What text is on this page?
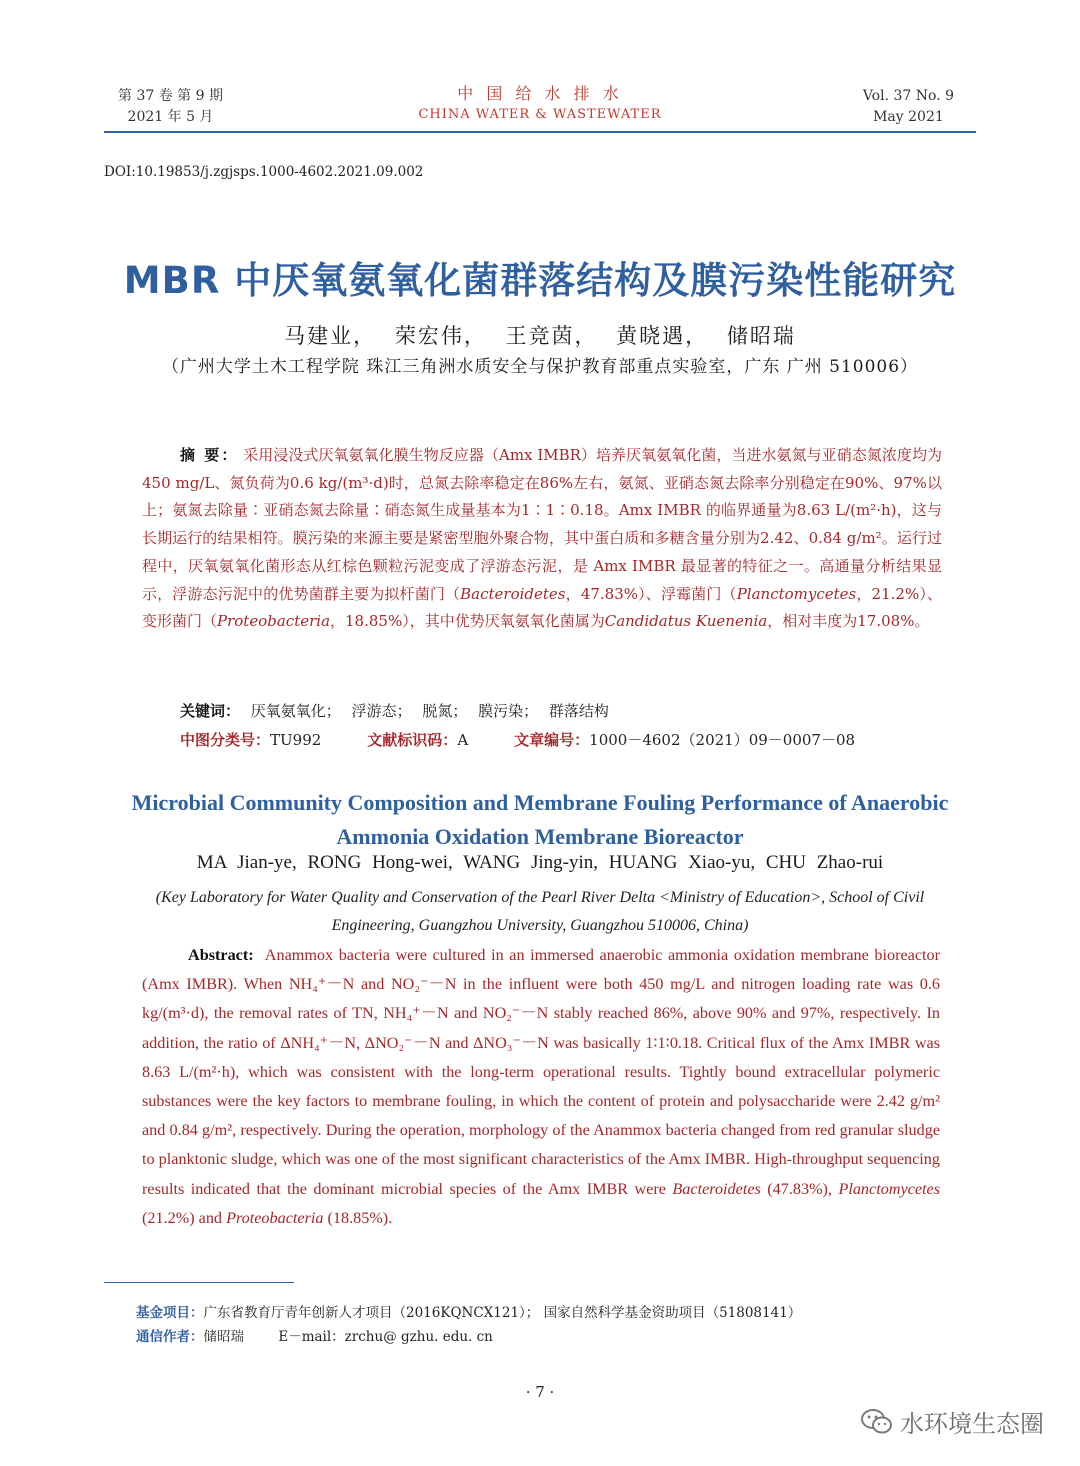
第 37 卷 第 9 期
2021 年 5 月
中 国 给 水 排 水
CHINA WATER & WASTEWATER
Vol. 37 No. 9
May 2021
DOI:10.19853/j.zgjsps.1000-4602.2021.09.002
MBR 中厌氧氨氧化菌群落结构及膜污染性能研究
马建业， 荣宏伟， 王竞茵， 黄晓遇， 储昭瑞
（广州大学土木工程学院 珠江三角洲水质安全与保护教育部重点实验室，广东 广州 510006）
摘 要： 采用浸没式厌氧氨氧化膜生物反应器（Amx IMBR）培养厌氧氨氧化菌，当进水氨氮与亚硝态氮浓度均为450 mg/L、氮负荷为0.6 kg/(m³·d)时，总氮去除率稳定在86%左右，氨氮、亚硝态氮去除率分别稳定在90%、97%以上；氨氮去除量∶亚硝态氮去除量∶硝态氮生成量基本为1∶1∶0.18。Amx IMBR 的临界通量为8.63 L/(m²·h)，这与长期运行的结果相符。膜污染的来源主要是紧密型胞外聚合物，其中蛋白质和多糖含量分别为2.42、0.84 g/m²。运行过程中，厌氧氨氧化菌形态从红棕色颗粒污泥变成了浮游态污泥，是 Amx IMBR 最显著的特征之一。高通量分析结果显示，浮游态污泥中的优势菌群主要为拟杆菌门（Bacteroidetes，47.83%）、浮霉菌门（Planctomycetes，21.2%）、变形菌门（Proteobacteria，18.85%），其中优势厌氧氨氧化菌属为Candidatus Kuenenia，相对丰度为17.08%。
关键词： 厌氧氨氧化； 浮游态； 脱氮； 膜污染； 群落结构
中图分类号：TU992	文献标识码：A	文章编号：1000－4602（2021）09－0007－08
Microbial Community Composition and Membrane Fouling Performance of Anaerobic Ammonia Oxidation Membrane Bioreactor
MA Jian-ye, RONG Hong-wei, WANG Jing-yin, HUANG Xiao-yu, CHU Zhao-rui
(Key Laboratory for Water Quality and Conservation of the Pearl River Delta <Ministry of Education>, School of Civil Engineering, Guangzhou University, Guangzhou 510006, China)
Abstract: Anammox bacteria were cultured in an immersed anaerobic ammonia oxidation membrane bioreactor (Amx IMBR). When NH₄⁺－N and NO₂⁻－N in the influent were both 450 mg/L and nitrogen loading rate was 0.6 kg/(m³·d), the removal rates of TN, NH₄⁺－N and NO₂⁻－N stably reached 86%, above 90% and 97%, respectively. In addition, the ratio of ΔNH₄⁺－N, ΔNO₂⁻－N and ΔNO₃⁻－N was basically 1∶1∶0.18. Critical flux of the Amx IMBR was 8.63 L/(m²·h), which was consistent with the long-term operational results. Tightly bound extracellular polymeric substances were the key factors to membrane fouling, in which the content of protein and polysaccharide were 2.42 g/m² and 0.84 g/m², respectively. During the operation, morphology of the Anammox bacteria changed from red granular sludge to planktonic sludge, which was one of the most significant characteristics of the Amx IMBR. High-throughput sequencing results indicated that the dominant microbial species of the Amx IMBR were Bacteroidetes (47.83%), Planctomycetes (21.2%) and Proteobacteria (18.85%).
基金项目：广东省教育厅青年创新人才项目（2016KQNCX121）； 国家自然科学基金资助项目（51808141）
通信作者：储昭瑞	E－mail：zrchu@ gzhu. edu. cn
· 7 ·
水环境生态圈
